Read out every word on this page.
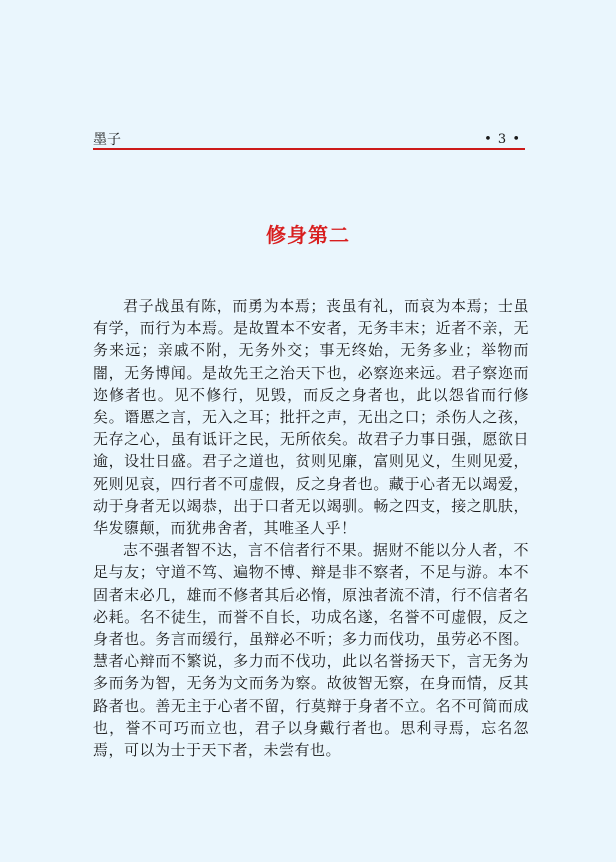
墨子	• 3 •
修身第二

君子战虽有陈，而勇为本焉；丧虽有礼，而哀为本焉；士虽有学，而行为本焉。是故置本不安者，无务丰末；近者不亲，无务来远；亲戚不附，无务外交；事无终始，无务多业；举物而闇，无务博闻。是故先王之治天下也，必察迩来远。君子察迩而迩修者也。见不修行，见毁，而反之身者也，此以怨省而行修矣。谮慝之言，无入之耳；批扞之声，无出之口；杀伤人之孩，无存之心，虽有诋讦之民，无所依矣。故君子力事日强，愿欲日逾，设壮日盛。君子之道也，贫则见廉，富则见义，生则见爱，死则见哀，四行者不可虚假，反之身者也。藏于心者无以竭爱，动于身者无以竭恭，出于口者无以竭驯。畅之四支，接之肌肤，华发隳颠，而犹弗舍者，其唯圣人乎！

志不强者智不达，言不信者行不果。据财不能以分人者，不足与友；守道不笃、遍物不博、辩是非不察者，不足与游。本不固者末必几，雄而不修者其后必惰，原浊者流不清，行不信者名必耗。名不徒生，而誉不自长，功成名遂，名誉不可虚假，反之身者也。务言而缓行，虽辩必不听；多力而伐功，虽劳必不图。慧者心辩而不繁说，多力而不伐功，此以名誉扬天下，言无务为多而务为智，无务为文而务为察。故彼智无察，在身而情，反其路者也。善无主于心者不留，行莫辩于身者不立。名不可简而成也，誉不可巧而立也，君子以身戴行者也。思利寻焉，忘名忽焉，可以为士于天下者，未尝有也。
